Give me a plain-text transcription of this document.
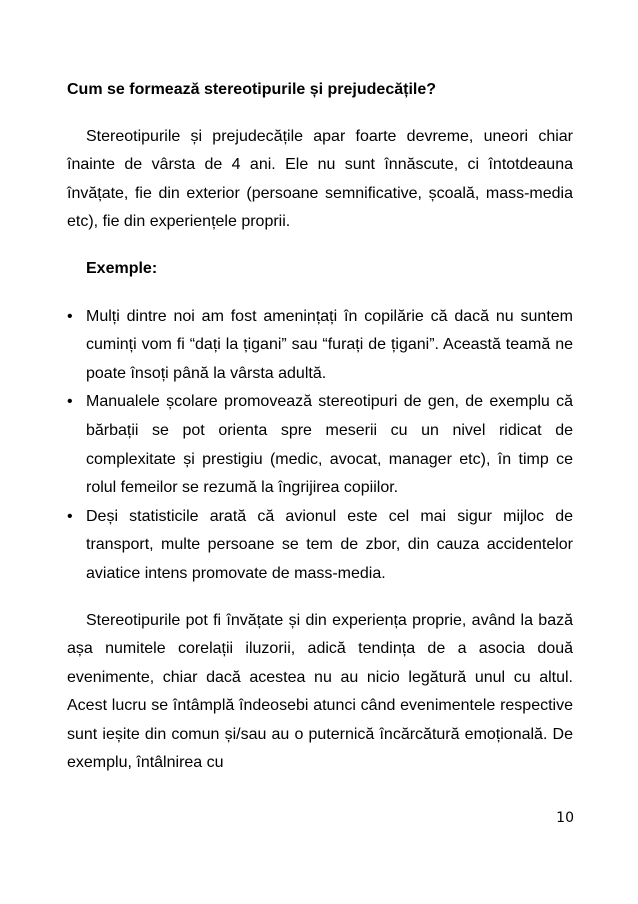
Cum se formează stereotipurile și prejudecățile?

Stereotipurile și prejudecățile apar foarte devreme, uneori chiar înainte de vârsta de 4 ani. Ele nu sunt înnăscute, ci întotdeauna învățate, fie din exterior (persoane semnificative, școală, mass-media etc), fie din experiențele proprii.

Exemple:
• Mulți dintre noi am fost amenințați în copilărie că dacă nu suntem cuminți vom fi “dați la țigani” sau “furați de țigani”. Această teamă ne poate însoți până la vârsta adultă.
• Manualele școlare promovează stereotipuri de gen, de exemplu că bărbații se pot orienta spre meserii cu un nivel ridicat de complexitate și prestigiu (medic, avocat, manager etc), în timp ce rolul femeilor se rezumă la îngrijirea copiilor.
• Deși statisticile arată că avionul este cel mai sigur mijloc de transport, multe persoane se tem de zbor, din cauza accidentelor aviatice intens promovate de mass-media.

Stereotipurile pot fi învățate și din experiența proprie, având la bază așa numitele corelații iluzorii, adică tendința de a asocia două evenimente, chiar dacă acestea nu au nicio legătură unul cu altul. Acest lucru se întâmplă îndeosebi atunci când evenimentele respective sunt ieșite din comun și/sau au o puternică încărcătură emoțională. De exemplu, întâlnirea cu

10
